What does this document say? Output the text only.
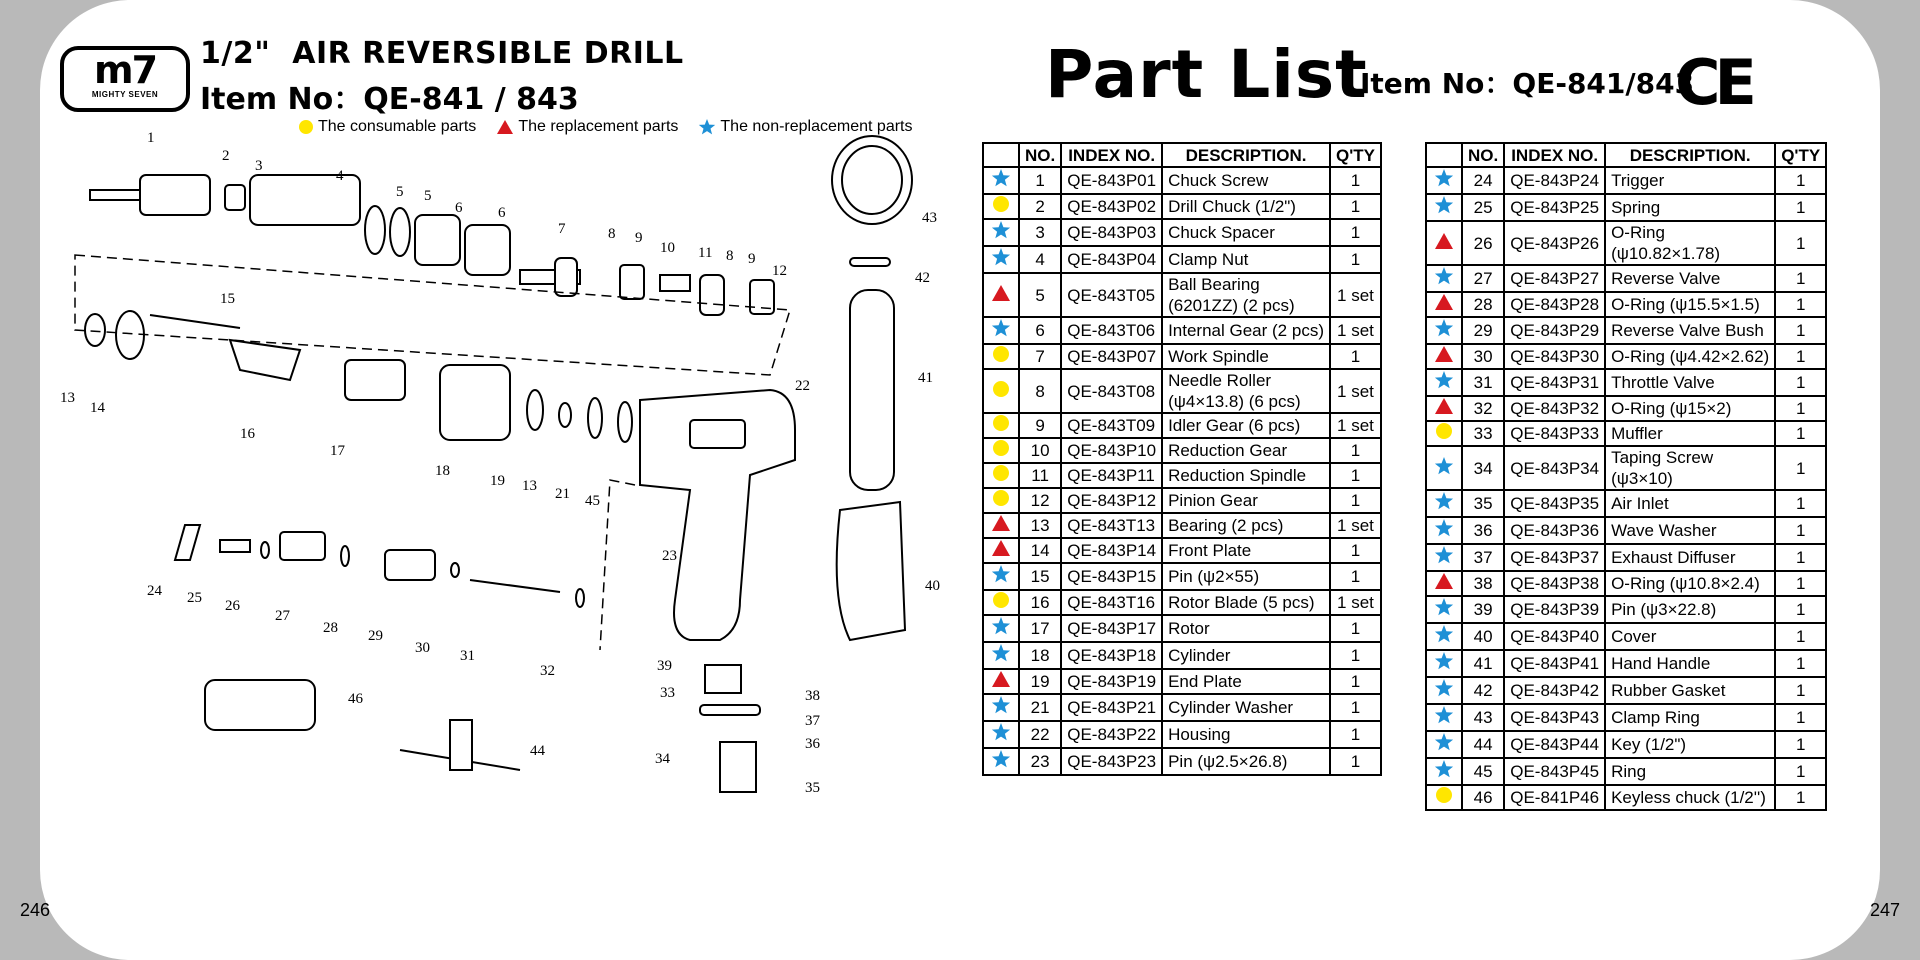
246	247
m7
MIGHTY SEVEN
1/2"  AIR REVERSIBLE DRILL
Item No：QE-841 / 843
The consumable parts	The replacement parts	The non-replacement parts
Part List
Item No：QE-841/843
CE
1
2
3
4
5 5
6 6
7	8 9
10 11 8 9
12
15
13
14
16
17
18
19 13 21 45
22
23
24 25 26
27
28 29
30 31
32	39
33	38
37
36
34
35
40
41
42
43
44
46
	NO.	INDEX NO.	DESCRIPTION.	Q'TY
	1	QE-843P01	Chuck Screw	1
	2	QE-843P02	Drill Chuck (1/2")	1
	3	QE-843P03	Chuck Spacer	1
	4	QE-843P04	Clamp Nut	1
	5	QE-843T05	Ball Bearing
(6201ZZ) (2 pcs)	1 set
	6	QE-843T06	Internal Gear (2 pcs)	1 set
	7	QE-843P07	Work Spindle	1
	8	QE-843T08	Needle Roller
(ψ4×13.8) (6 pcs)	1 set
	9	QE-843T09	Idler Gear (6 pcs)	1 set
	10	QE-843P10	Reduction Gear	1
	11	QE-843P11	Reduction Spindle	1
	12	QE-843P12	Pinion Gear	1
	13	QE-843T13	Bearing (2 pcs)	1 set
	14	QE-843P14	Front Plate	1
	15	QE-843P15	Pin (ψ2×55)	1
	16	QE-843T16	Rotor Blade (5 pcs)	1 set
	17	QE-843P17	Rotor	1
	18	QE-843P18	Cylinder	1
	19	QE-843P19	End Plate	1
	21	QE-843P21	Cylinder Washer	1
	22	QE-843P22	Housing	1
	23	QE-843P23	Pin (ψ2.5×26.8)	1
	NO.	INDEX NO.	DESCRIPTION.	Q'TY
	24	QE-843P24	Trigger	1
	25	QE-843P25	Spring	1
	26	QE-843P26	O-Ring
(ψ10.82×1.78)	1
	27	QE-843P27	Reverse Valve	1
	28	QE-843P28	O-Ring (ψ15.5×1.5)	1
	29	QE-843P29	Reverse Valve Bush	1
	30	QE-843P30	O-Ring (ψ4.42×2.62)	1
	31	QE-843P31	Throttle Valve	1
	32	QE-843P32	O-Ring (ψ15×2)	1
	33	QE-843P33	Muffler	1
	34	QE-843P34	Taping Screw
(ψ3×10)	1
	35	QE-843P35	Air Inlet	1
	36	QE-843P36	Wave Washer	1
	37	QE-843P37	Exhaust Diffuser	1
	38	QE-843P38	O-Ring (ψ10.8×2.4)	1
	39	QE-843P39	Pin (ψ3×22.8)	1
	40	QE-843P40	Cover	1
	41	QE-843P41	Hand Handle	1
	42	QE-843P42	Rubber Gasket	1
	43	QE-843P43	Clamp Ring	1
	44	QE-843P44	Key (1/2")	1
	45	QE-843P45	Ring	1
	46	QE-841P46	Keyless chuck (1/2'')	1
